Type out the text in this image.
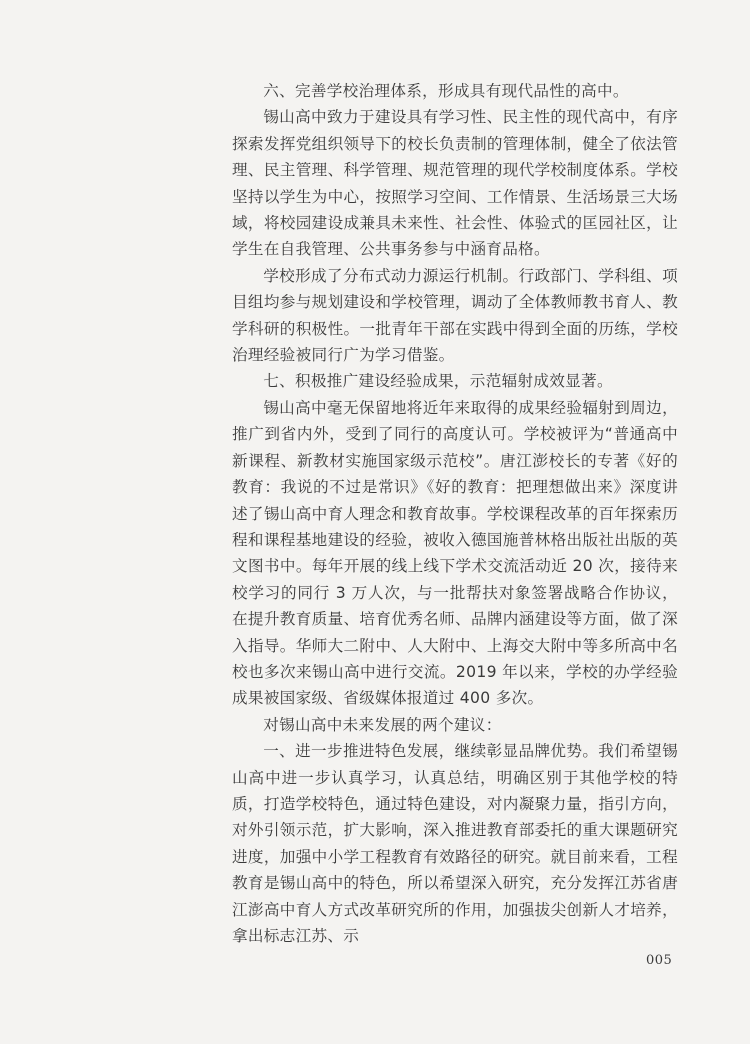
六、完善学校治理体系，形成具有现代品性的高中。

锡山高中致力于建设具有学习性、民主性的现代高中，有序探索发挥党组织领导下的校长负责制的管理体制，健全了依法管理、民主管理、科学管理、规范管理的现代学校制度体系。学校坚持以学生为中心，按照学习空间、工作情景、生活场景三大场域，将校园建设成兼具未来性、社会性、体验式的匡园社区，让学生在自我管理、公共事务参与中涵育品格。

学校形成了分布式动力源运行机制。行政部门、学科组、项目组均参与规划建设和学校管理，调动了全体教师教书育人、教学科研的积极性。一批青年干部在实践中得到全面的历练，学校治理经验被同行广为学习借鉴。

七、积极推广建设经验成果，示范辐射成效显著。

锡山高中毫无保留地将近年来取得的成果经验辐射到周边，推广到省内外，受到了同行的高度认可。学校被评为“普通高中新课程、新教材实施国家级示范校”。唐江澎校长的专著《好的教育：我说的不过是常识》《好的教育：把理想做出来》深度讲述了锡山高中育人理念和教育故事。学校课程改革的百年探索历程和课程基地建设的经验，被收入德国施普林格出版社出版的英文图书中。每年开展的线上线下学术交流活动近 20 次，接待来校学习的同行 3 万人次，与一批帮扶对象签署战略合作协议，在提升教育质量、培育优秀名师、品牌内涵建设等方面，做了深入指导。华师大二附中、人大附中、上海交大附中等多所高中名校也多次来锡山高中进行交流。2019 年以来，学校的办学经验成果被国家级、省级媒体报道过 400 多次。

对锡山高中未来发展的两个建议：

一、进一步推进特色发展，继续彰显品牌优势。我们希望锡山高中进一步认真学习，认真总结，明确区别于其他学校的特质，打造学校特色，通过特色建设，对内凝聚力量，指引方向，对外引领示范，扩大影响，深入推进教育部委托的重大课题研究进度，加强中小学工程教育有效路径的研究。就目前来看，工程教育是锡山高中的特色，所以希望深入研究，充分发挥江苏省唐江澎高中育人方式改革研究所的作用，加强拔尖创新人才培养，拿出标志江苏、示

005
